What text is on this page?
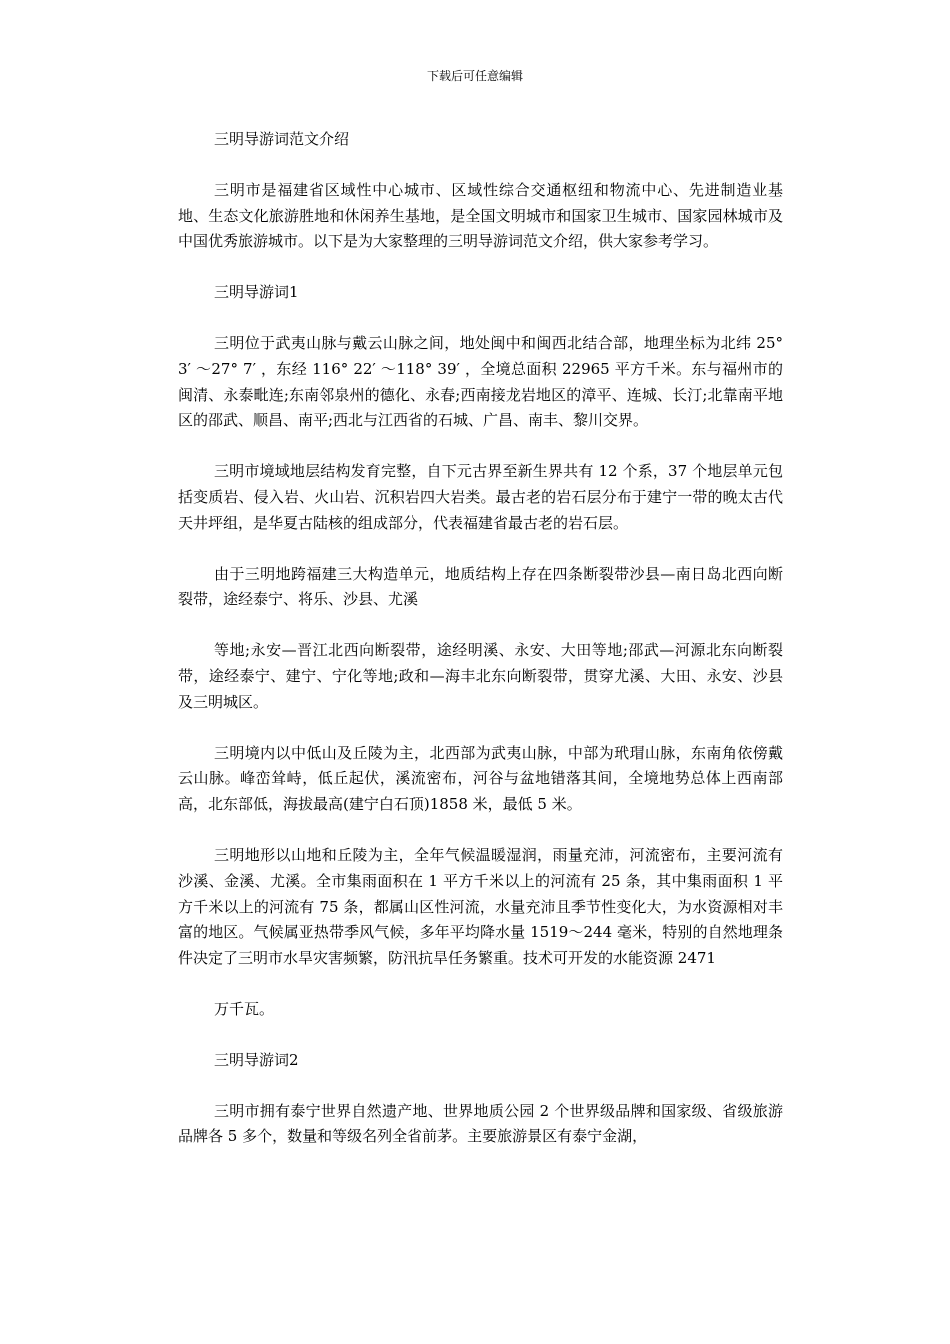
下载后可任意编辑

三明导游词范文介绍

三明市是福建省区域性中心城市、区域性综合交通枢纽和物流中心、先进制造业基地、生态文化旅游胜地和休闲养生基地，是全国文明城市和国家卫生城市、国家园林城市及中国优秀旅游城市。以下是为大家整理的三明导游词范文介绍，供大家参考学习。

三明导游词1

三明位于武夷山脉与戴云山脉之间，地处闽中和闽西北结合部，地理坐标为北纬 25° 3′ ～27° 7′ ，东经 116° 22′ ～118° 39′ ，全境总面积 22965 平方千米。东与福州市的闽清、永泰毗连;东南邻泉州的德化、永春;西南接龙岩地区的漳平、连城、长汀;北靠南平地区的邵武、顺昌、南平;西北与江西省的石城、广昌、南丰、黎川交界。

三明市境域地层结构发育完整，自下元古界至新生界共有 12 个系，37 个地层单元包括变质岩、侵入岩、火山岩、沉积岩四大岩类。最古老的岩石层分布于建宁一带的晚太古代天井坪组，是华夏古陆核的组成部分，代表福建省最古老的岩石层。

由于三明地跨福建三大构造单元，地质结构上存在四条断裂带沙县—南日岛北西向断裂带，途经泰宁、将乐、沙县、尤溪

等地;永安—晋江北西向断裂带，途经明溪、永安、大田等地;邵武—河源北东向断裂带，途经泰宁、建宁、宁化等地;政和—海丰北东向断裂带，贯穿尤溪、大田、永安、沙县及三明城区。

三明境内以中低山及丘陵为主，北西部为武夷山脉，中部为玳瑁山脉，东南角依傍戴云山脉。峰峦耸峙，低丘起伏，溪流密布，河谷与盆地错落其间，全境地势总体上西南部高，北东部低，海拔最高(建宁白石顶)1858 米，最低 5 米。

三明地形以山地和丘陵为主，全年气候温暖湿润，雨量充沛，河流密布，主要河流有沙溪、金溪、尤溪。全市集雨面积在 1 平方千米以上的河流有 25 条，其中集雨面积 1 平方千米以上的河流有 75 条，都属山区性河流，水量充沛且季节性变化大，为水资源相对丰富的地区。气候属亚热带季风气候，多年平均降水量 1519～244 毫米，特别的自然地理条件决定了三明市水旱灾害频繁，防汛抗旱任务繁重。技术可开发的水能资源 2471

万千瓦。

三明导游词2

三明市拥有泰宁世界自然遗产地、世界地质公园 2 个世界级品牌和国家级、省级旅游品牌各 5 多个，数量和等级名列全省前茅。主要旅游景区有泰宁金湖，
